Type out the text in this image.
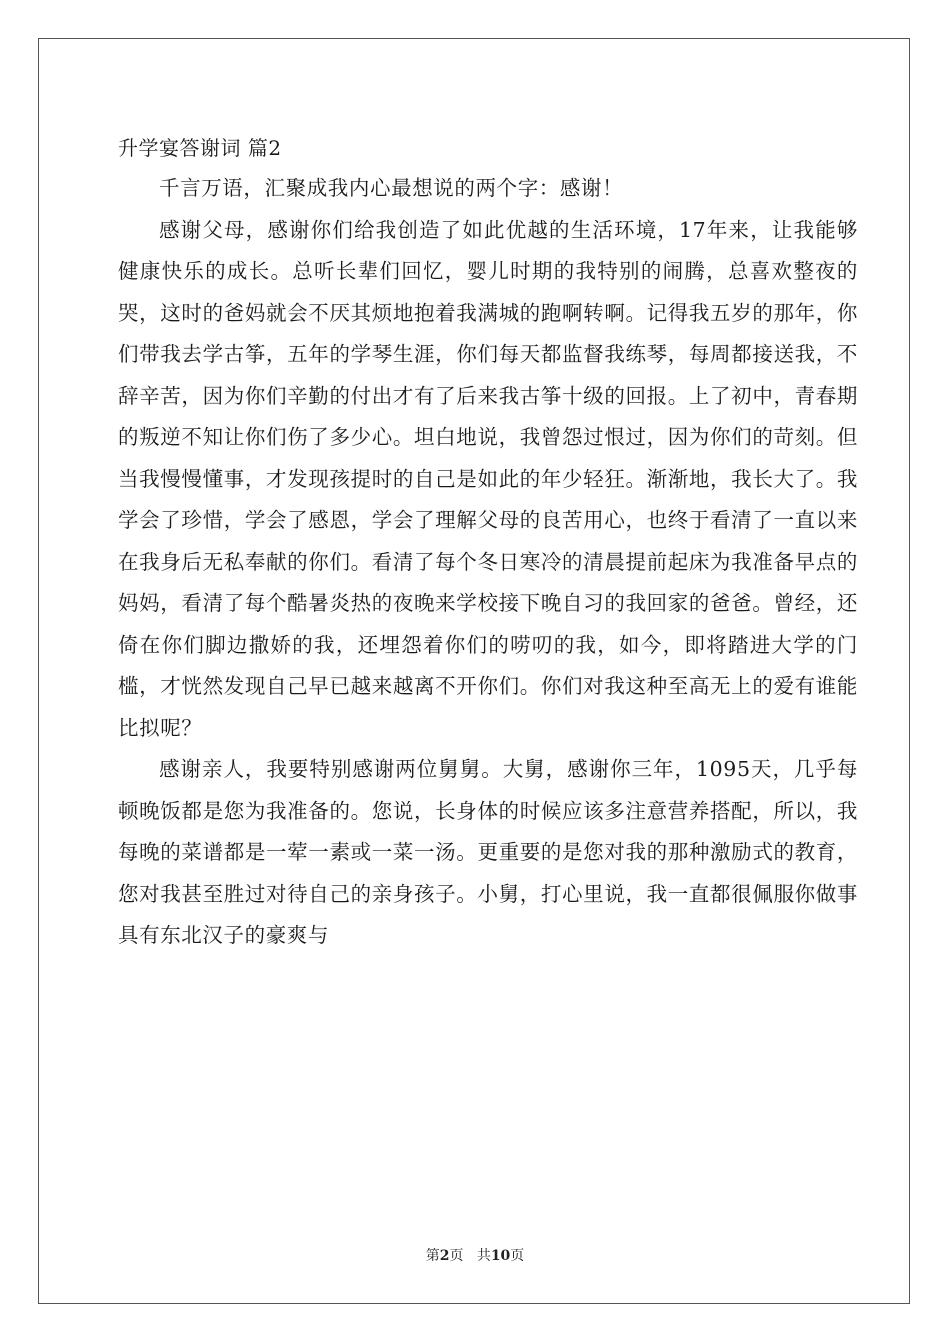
升学宴答谢词 篇2

千言万语，汇聚成我内心最想说的两个字：感谢！

感谢父母，感谢你们给我创造了如此优越的生活环境，17年来，让我能够健康快乐的成长。总听长辈们回忆，婴儿时期的我特别的闹腾，总喜欢整夜的哭，这时的爸妈就会不厌其烦地抱着我满城的跑啊转啊。记得我五岁的那年，你们带我去学古筝，五年的学琴生涯，你们每天都监督我练琴，每周都接送我，不辞辛苦，因为你们辛勤的付出才有了后来我古筝十级的回报。上了初中，青春期的叛逆不知让你们伤了多少心。坦白地说，我曾怨过恨过，因为你们的苛刻。但当我慢慢懂事，才发现孩提时的自己是如此的年少轻狂。渐渐地，我长大了。我学会了珍惜，学会了感恩，学会了理解父母的良苦用心，也终于看清了一直以来在我身后无私奉献的你们。看清了每个冬日寒冷的清晨提前起床为我准备早点的妈妈，看清了每个酷暑炎热的夜晚来学校接下晚自习的我回家的爸爸。曾经，还倚在你们脚边撒娇的我，还埋怨着你们的唠叨的我，如今，即将踏进大学的门槛，才恍然发现自己早已越来越离不开你们。你们对我这种至高无上的爱有谁能比拟呢？

感谢亲人，我要特别感谢两位舅舅。大舅，感谢你三年，1095天，几乎每顿晚饭都是您为我准备的。您说，长身体的时候应该多注意营养搭配，所以，我每晚的菜谱都是一荤一素或一菜一汤。更重要的是您对我的那种激励式的教育，您对我甚至胜过对待自己的亲身孩子。小舅，打心里说，我一直都很佩服你做事具有东北汉子的豪爽与

第2页 共10页
